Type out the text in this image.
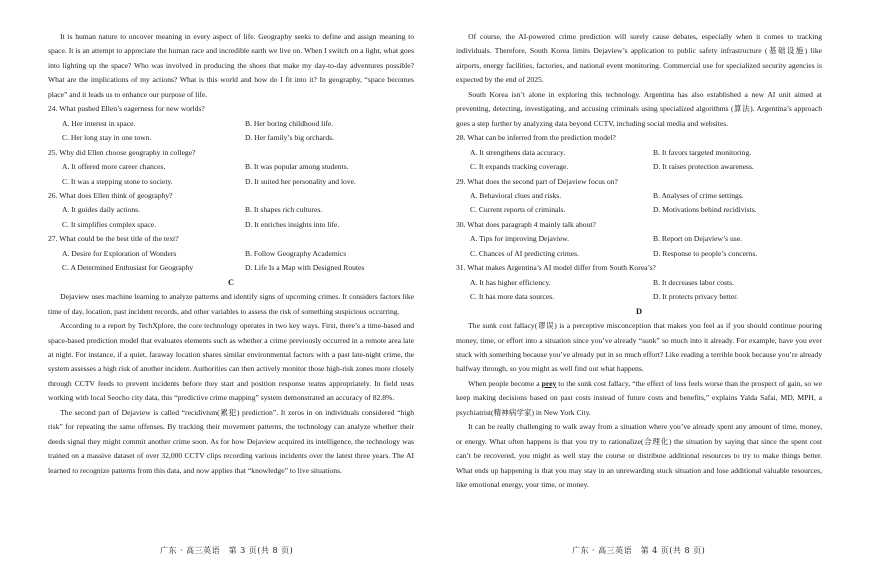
It is human nature to uncover meaning in every aspect of life. Geography seeks to define and assign meaning to space. It is an attempt to appreciate the human race and incredible earth we live on. When I switch on a light, what goes into lighting up the space? Who was involved in producing the shoes that make my day-to-day adventures possible? What are the implications of my actions? What is this world and how do I fit into it? In geography, “space becomes place” and it leads us to enhance our purpose of life.

24. What pushed Ellen’s eagerness for new worlds?
A. Her interest in space.	B. Her boring childhood life.
C. Her long stay in one town.	D. Her family’s big orchards.
25. Why did Ellen choose geography in college?
A. It offered more career chances.	B. It was popular among students.
C. It was a stepping stone to society.	D. It suited her personality and love.
26. What does Ellen think of geography?
A. It guides daily actions.	B. It shapes rich cultures.
C. It simplifies complex space.	D. It enriches insights into life.
27. What could be the best title of the text?
A. Desire for Exploration of Wonders	B. Follow Geography Academics
C. A Determined Enthusiast for Geography	D. Life Is a Map with Designed Routes
C

Dejaview uses machine learning to analyze patterns and identify signs of upcoming crimes. It considers factors like time of day, location, past incident records, and other variables to assess the risk of something suspicious occurring.

According to a report by TechXplore, the core technology operates in two key ways. First, there’s a time-based and space-based prediction model that evaluates elements such as whether a crime previously occurred in a remote area late at night. For instance, if a quiet, faraway location shares similar environmental factors with a past late-night crime, the system assesses a high risk of another incident. Authorities can then actively monitor those high-risk zones more closely through CCTV feeds to prevent incidents before they start and position response teams appropriately. In field tests working with local Seocho city data, this “predictive crime mapping” system demonstrated an accuracy of 82.8%.

The second part of Dejaview is called “recidivism(累犯) prediction”. It zeros in on individuals considered “high risk” for repeating the same offenses. By tracking their movement patterns, the technology can analyze whether their deeds signal they might commit another crime soon. As for how Dejaview acquired its intelligence, the technology was trained on a massive dataset of over 32,000 CCTV clips recording various incidents over the latest three years. The AI learned to recognize patterns from this data, and now applies that “knowledge” to live situations.

Of course, the AI-powered crime prediction will surely cause debates, especially when it comes to tracking individuals. Therefore, South Korea limits Dejaview’s application to public safety infrastructure (基础设施) like airports, energy facilities, factories, and national event monitoring. Commercial use for specialized security agencies is expected by the end of 2025.

South Korea isn’t alone in exploring this technology. Argentina has also established a new AI unit aimed at preventing, detecting, investigating, and accusing criminals using specialized algorithms (算法). Argentina’s approach goes a step further by analyzing data beyond CCTV, including social media and websites.

28. What can be inferred from the prediction model?
A. It strengthens data accuracy.	B. It favors targeted monitoring.
C. It expands tracking coverage.	D. It raises protection awareness.
29. What does the second part of Dejaview focus on?
A. Behavioral clues and risks.	B. Analyses of crime settings.
C. Current reports of criminals.	D. Motivations behind recidivists.
30. What does paragraph 4 mainly talk about?
A. Tips for improving Dejaview.	B. Report on Dejaview’s use.
C. Chances of AI predicting crimes.	D. Response to people’s concerns.
31. What makes Argentina’s AI model differ from South Korea’s?
A. It has higher efficiency.	B. It decreases labor costs.
C. It has more data sources.	D. It protects privacy better.
D

The sunk cost fallacy(谬误) is a perceptive misconception that makes you feel as if you should continue pouring money, time, or effort into a situation since you’ve already “sunk” so much into it already. For example, have you ever stuck with something because you’ve already put in so much effort? Like reading a terrible book because you’re already halfway through, so you might as well find out what happens.

When people become a prey to the sunk cost fallacy, “the effect of loss feels worse than the prospect of gain, so we keep making decisions based on past costs instead of future costs and benefits,” explains Yalda Safai, MD, MPH, a psychiatrist(精神病学家) in New York City.

It can be really challenging to walk away from a situation where you’ve already spent any amount of time, money, or energy. What often happens is that you try to rationalize(合理化) the situation by saying that since the spent cost can’t be recovered, you might as well stay the course or distribute additional resources to try to make things better. What ends up happening is that you may stay in an unrewarding stuck situation and lose additional valuable resources, like emotional energy, your time, or money.

广东 · 高三英语　第 3 页(共 8 页)	广东 · 高三英语　第 4 页(共 8 页)
